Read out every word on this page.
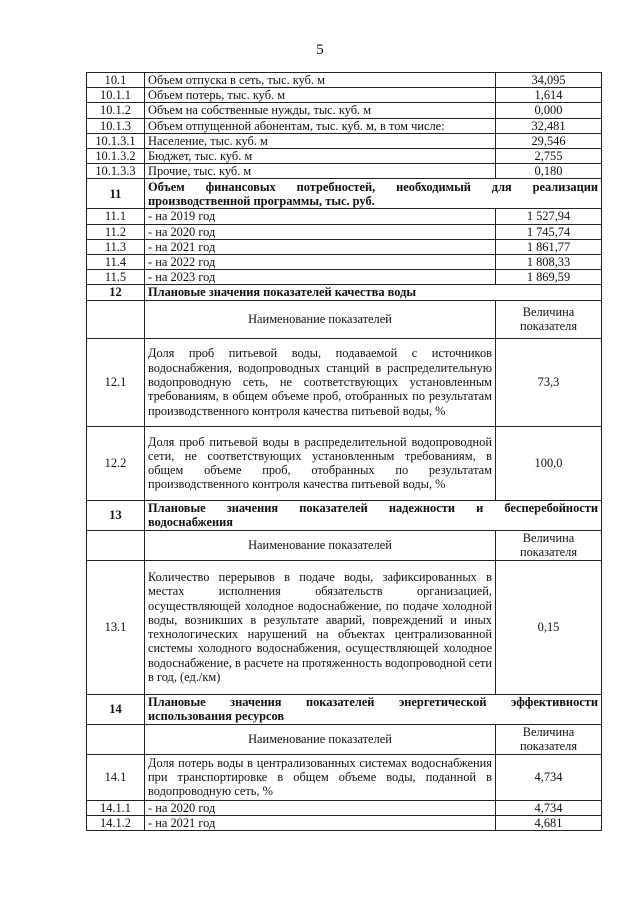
5
10.1	Объем отпуска в сеть, тыс. куб. м	34,095
10.1.1	Объем потерь, тыс. куб. м	1,614
10.1.2	Объем на собственные нужды, тыс. куб. м	0,000
10.1.3	Объем отпущенной абонентам, тыс. куб. м, в том числе:	32,481
10.1.3.1	Население, тыс. куб. м	29,546
10.1.3.2	Бюджет, тыс. куб. м	2,755
10.1.3.3	Прочие, тыс. куб. м	0,180
11	Объем финансовых потребностей, необходимый для реализации
производственной программы, тыс. руб.	

11.1	- на 2019 год	1 527,94
11.2	- на 2020 год	1 745,74
11.3	- на 2021 год	1 861,77
11.4	- на 2022 год	1 808,33
11.5	- на 2023 год	1 869,59
12	Плановые значения показателей качества воды	
	Наименование показателей	Величина
показателя
12.1	Доля проб питьевой воды, подаваемой с источников водоснабжения, водопроводных станций в распределительную водопроводную сеть, не соответствующих установленным требованиям, в общем объеме проб, отобранных по результатам производственного контроля качества питьевой воды, %	73,3
12.2	Доля проб питьевой воды в распределительной водопроводной сети, не соответствующих установленным требованиям, в общем объеме проб, отобранных по результатам производственного контроля качества питьевой воды, %	100,0
13	Плановые значения показателей надежности и бесперебойности
водоснабжения	

	Наименование показателей	Величина
показателя
13.1	Количество перерывов в подаче воды, зафиксированных в местах исполнения обязательств организацией, осуществляющей холодное водоснабжение, по подаче холодной воды, возникших в результате аварий, повреждений и иных технологических нарушений на объектах централизованной системы холодного водоснабжения, осуществляющей холодное водоснабжение, в расчете на протяженность водопроводной сети в год, (ед./км)	0,15
14	Плановые значения показателей энергетической эффективности
использования ресурсов	

	Наименование показателей	Величина
показателя
14.1	Доля потерь воды в централизованных системах водоснабжения при транспортировке в общем объеме воды, поданной в водопроводную сеть, %	4,734
14.1.1	- на 2020 год	4,734
14.1.2	- на 2021 год	4,681
